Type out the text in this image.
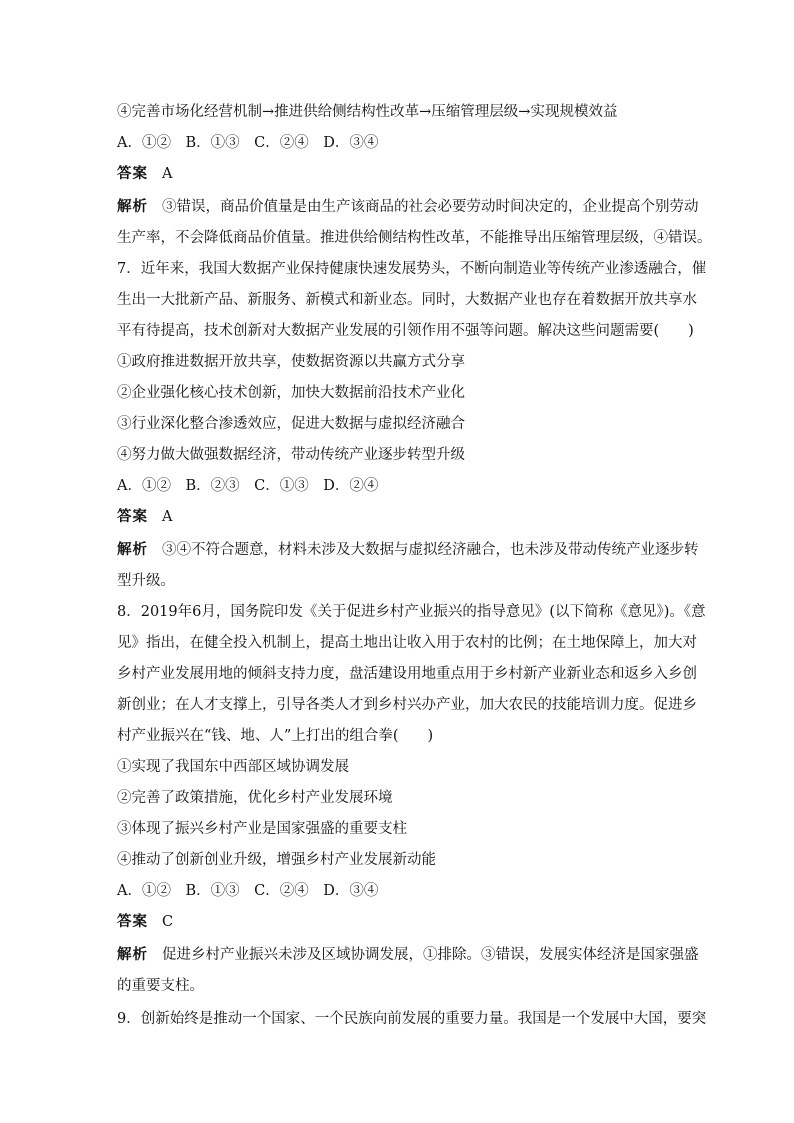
④完善市场化经营机制→推进供给侧结构性改革→压缩管理层级→实现规模效益
A．①②　B．①③　C．②④　D．③④
答案 A
解析 ③错误，商品价值量是由生产该商品的社会必要劳动时间决定的，企业提高个别劳动
生产率，不会降低商品价值量。推进供给侧结构性改革，不能推导出压缩管理层级，④错误。
7．近年来，我国大数据产业保持健康快速发展势头，不断向制造业等传统产业渗透融合，催
生出一大批新产品、新服务、新模式和新业态。同时，大数据产业也存在着数据开放共享水
平有待提高，技术创新对大数据产业发展的引领作用不强等问题。解决这些问题需要(　　)
①政府推进数据开放共享，使数据资源以共赢方式分享
②企业强化核心技术创新，加快大数据前沿技术产业化
③行业深化整合渗透效应，促进大数据与虚拟经济融合
④努力做大做强数据经济，带动传统产业逐步转型升级
A．①②　B．②③　C．①③　D．②④
答案 A
解析 ③④不符合题意，材料未涉及大数据与虚拟经济融合，也未涉及带动传统产业逐步转
型升级。
8．2019年6月，国务院印发《关于促进乡村产业振兴的指导意见》(以下简称《意见》)。《意
见》指出，在健全投入机制上，提高土地出让收入用于农村的比例；在土地保障上，加大对
乡村产业发展用地的倾斜支持力度，盘活建设用地重点用于乡村新产业新业态和返乡入乡创
新创业；在人才支撑上，引导各类人才到乡村兴办产业，加大农民的技能培训力度。促进乡
村产业振兴在“钱、地、人”上打出的组合拳(　　)
①实现了我国东中西部区域协调发展
②完善了政策措施，优化乡村产业发展环境
③体现了振兴乡村产业是国家强盛的重要支柱
④推动了创新创业升级，增强乡村产业发展新动能
A．①②　B．①③　C．②④　D．③④
答案 C
解析 促进乡村产业振兴未涉及区域协调发展，①排除。③错误，发展实体经济是国家强盛
的重要支柱。
9．创新始终是推动一个国家、一个民族向前发展的重要力量。我国是一个发展中大国，要突
